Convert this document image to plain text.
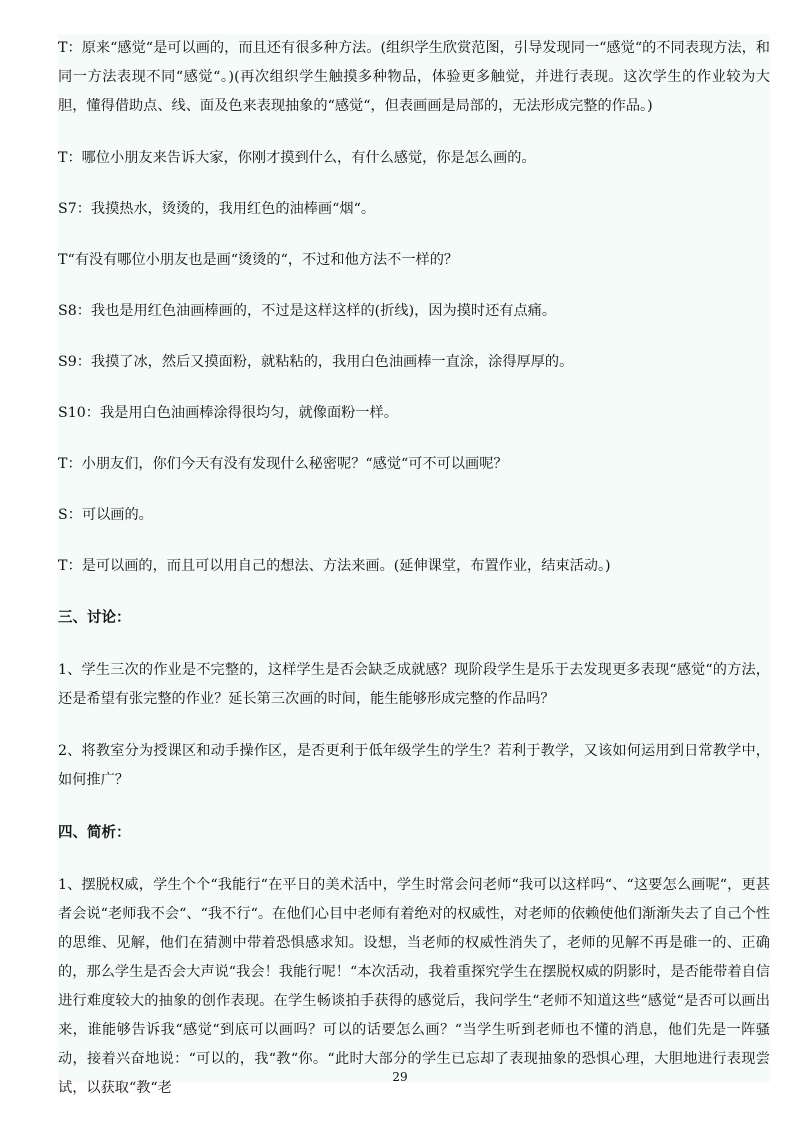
T：原来“感觉“是可以画的，而且还有很多种方法。(组织学生欣赏范图，引导发现同一“感觉“的不同表现方法，和同一方法表现不同“感觉“。)(再次组织学生触摸多种物品，体验更多触觉，并进行表现。这次学生的作业较为大胆，懂得借助点、线、面及色来表现抽象的“感觉“，但表画画是局部的，无法形成完整的作品。)

T：哪位小朋友来告诉大家，你刚才摸到什么，有什么感觉，你是怎么画的。

S7：我摸热水，烫烫的，我用红色的油棒画“烟“。

T“有没有哪位小朋友也是画“烫烫的“，不过和他方法不一样的？

S8：我也是用红色油画棒画的，不过是这样这样的(折线)，因为摸时还有点痛。

S9：我摸了冰，然后又摸面粉，就粘粘的，我用白色油画棒一直涂，涂得厚厚的。

S10：我是用白色油画棒涂得很均匀，就像面粉一样。

T：小朋友们，你们今天有没有发现什么秘密呢？“感觉“可不可以画呢？

S：可以画的。

T：是可以画的，而且可以用自己的想法、方法来画。(延伸课堂，布置作业，结束活动。)

三、讨论：

1、学生三次的作业是不完整的，这样学生是否会缺乏成就感？现阶段学生是乐于去发现更多表现“感觉“的方法，还是希望有张完整的作业？延长第三次画的时间，能生能够形成完整的作品吗？

2、将教室分为授课区和动手操作区，是否更利于低年级学生的学生？若利于教学，又该如何运用到日常教学中，如何推广？

四、简析：

1、摆脱权威，学生个个“我能行“在平日的美术活中，学生时常会问老师“我可以这样吗“、“这要怎么画呢“，更甚者会说“老师我不会“、“我不行“。在他们心目中老师有着绝对的权威性，对老师的依赖使他们渐渐失去了自己个性的思维、见解，他们在猜测中带着恐惧感求知。设想，当老师的权威性消失了，老师的见解不再是碓一的、正确的，那么学生是否会大声说“我会！我能行呢！“本次活动，我着重探究学生在摆脱权威的阴影时，是否能带着自信进行难度较大的抽象的创作表现。在学生畅谈拍手获得的感觉后，我问学生“老师不知道这些“感觉“是否可以画出来，谁能够告诉我“感觉“到底可以画吗？可以的话要怎么画？“当学生听到老师也不懂的消息，他们先是一阵骚动，接着兴奋地说：“可以的，我“教“你。“此时大部分的学生已忘却了表现抽象的恐惧心理，大胆地进行表现尝试，以获取“教“老

29
